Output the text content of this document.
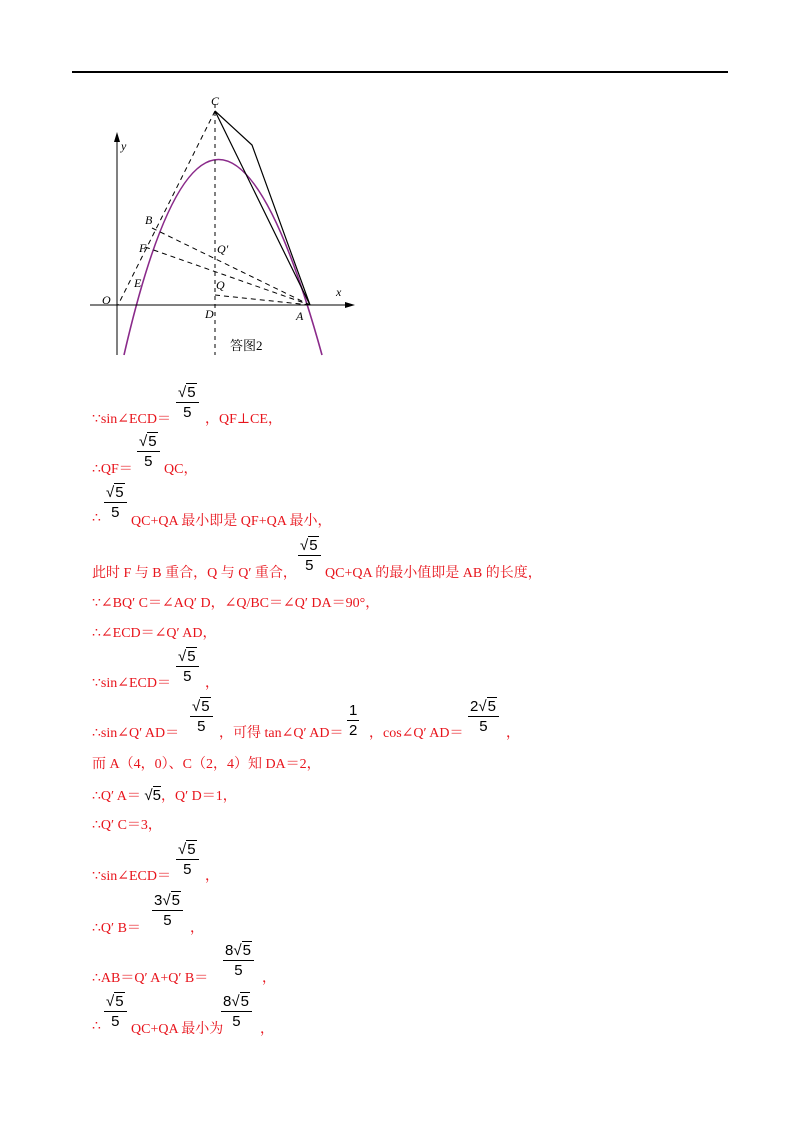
C
y
x
B
F	Q′
E	Q
O
D	A
答图2
$\frac{√5}{5}$
∵sin∠ECD＝ ，QF⊥CE，
$\frac{√5}{5}$
∴QF＝ QC，
$\frac{√5}{5}$
∴ QC+QA 最小即是 QF+QA 最小，
$\frac{√5}{5}$
此时 F 与 B 重合，Q 与 Q′ 重合， QC+QA 的最小值即是 AB 的长度，
∵∠BQ′ C＝∠AQ′ D，∠Q/BC＝∠Q′ DA＝90°，
∴∠ECD＝∠Q′ AD，
$\frac{√5}{5}$
∵sin∠ECD＝ ，
$\frac{√5}{5}$	$\frac{1}{2}$	$\frac{2√5}{5}$
∴sin∠Q′ AD＝	，可得 tan∠Q′ AD＝ ，cos∠Q′ AD＝	，
而 A（4，0）、C（2，4）知 DA＝2，
∴Q′ A＝ √5，Q′ D＝1，
∴Q′ C＝3，
$\frac{√5}{5}$
∵sin∠ECD＝ ，
$\frac{3√5}{5}$
∴Q′ B＝	，
$\frac{8√5}{5}$
∴AB＝Q′ A+Q′ B＝	，
$\frac{√5}{5}$	$\frac{8√5}{5}$
∴ QC+QA 最小为	，
